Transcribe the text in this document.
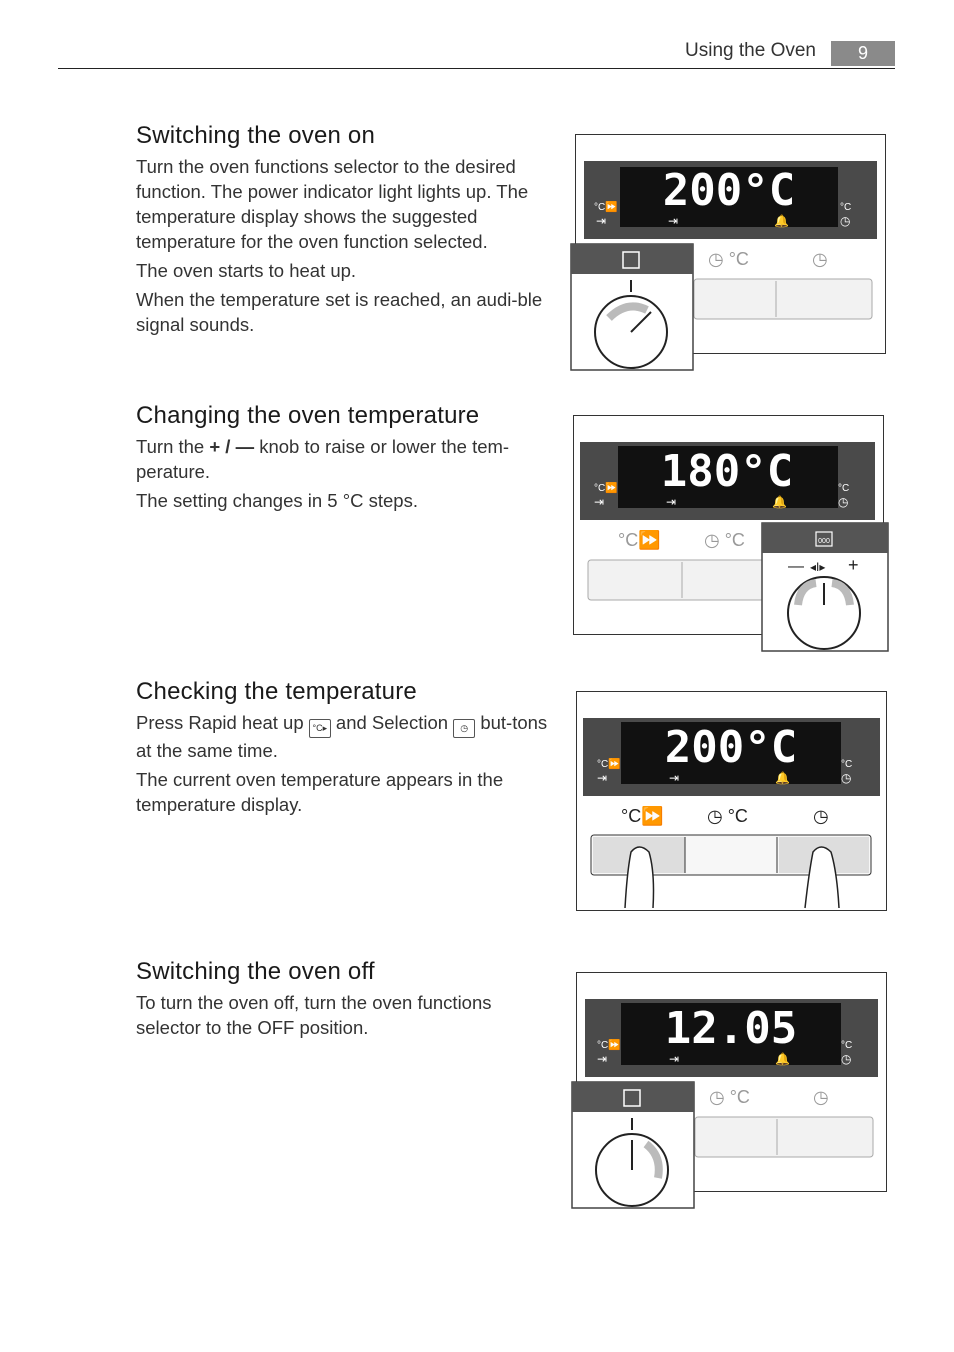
Using the Oven	9
Switching the oven on

Turn the oven functions selector to the desired function. The power indicator light lights up. The temperature display shows the suggested temperature for the oven function selected.

The oven starts to heat up.

When the temperature set is reached, an audi-ble signal sounds.

Changing the oven temperature

Turn the + / — knob to raise or lower the tem-perature.

The setting changes in 5 °C steps.

Checking the temperature

Press Rapid heat up °C▸ and Selection ◷ but-tons at the same time.

The current oven temperature appears in the temperature display.

Switching the oven off

To turn the oven off, turn the oven functions selector to the OFF position.

200°C
°C⏩
⇥	⇥	🔔
°C
◷
◷ °C	◷
180°C
°C⏩
⇥	⇥	🔔
°C
◷
°C⏩ ◷ °C	000
— ◂I▸ +
200°C
°C⏩
⇥	⇥	🔔
°C
◷
°C⏩ ◷ °C	◷
12.05
°C⏩
⇥	⇥	🔔
°C
◷
◷ °C	◷
